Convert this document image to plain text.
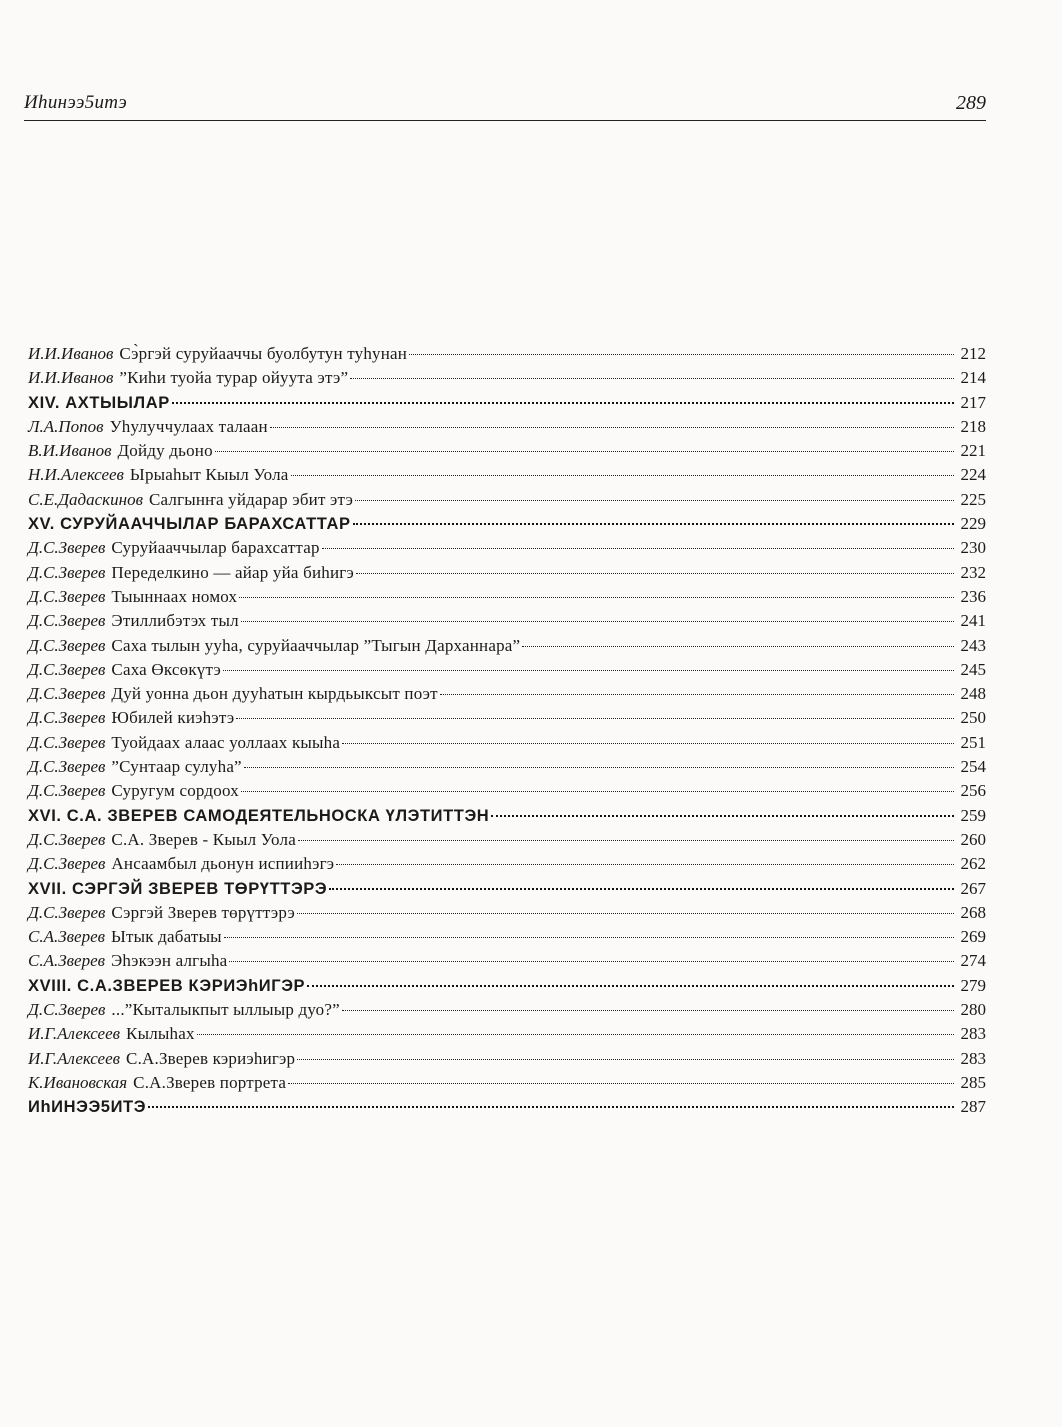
Иhинээ5итэ	289
И.И.Иванов Сэ̀ргэй суруйааччы буолбутун туhунан	212
И.И.Иванов ”Киhи туойа турар ойуута этэ”	214
XIV. АХТЫЫЛАР	217
Л.А.Попов Уhулуччулаах талаан	218
В.И.Иванов Дойду дьоно	221
Н.И.Алексеев Ырыаhыт Кыыл Уола	224
С.Е.Дадаскинов Салгынҥа уйдарар эбит этэ	225
XV. СУРУЙААЧЧЫЛАР БАРАХСАТТАР	229
Д.С.Зверев Суруйааччылар барахсаттар	230
Д.С.Зверев Переделкино — айар уйа биhигэ	232
Д.С.Зверев Тыыннаах номох	236
Д.С.Зверев Этиллибэтэх тыл	241
Д.С.Зверев Саха тылын ууhа, суруйааччылар ”Тыгын Дарханнара”	243
Д.С.Зверев Саха Өксөкүтэ	245
Д.С.Зверев Дуй уонна дьон дууhатын кырдьыксыт поэт	248
Д.С.Зверев Юбилей киэhэтэ	250
Д.С.Зверев Туойдаах алаас уоллаах кыыhа	251
Д.С.Зверев ”Сунтаар сулуhа”	254
Д.С.Зверев Суругум сордоох	256
XVI. С.А. ЗВЕРЕВ САМОДЕЯТЕЛЬНОСКА ҮЛЭТИТТЭН	259
Д.С.Зверев С.А. Зверев - Кыыл Уола	260
Д.С.Зверев Ансаамбыл дьонун испииhэгэ	262
XVII. СЭРГЭЙ ЗВЕРЕВ ТӨРҮТТЭРЭ	267
Д.С.Зверев Сэргэй Зверев төрүттэрэ	268
С.А.Зверев Ытык дабатыы	269
С.А.Зверев Эhэкээн алгыhа	274
XVIII. С.А.ЗВЕРЕВ КЭРИЭhИГЭР	279
Д.С.Зверев ...”Кыталыкпыт ыллыыр дуо?”	280
И.Г.Алексеев Кылыhах	283
И.Г.Алексеев С.А.Зверев кэриэhигэр	283
К.Ивановская С.А.Зверев портрета	285
ИhИНЭЭ5ИТЭ	287
